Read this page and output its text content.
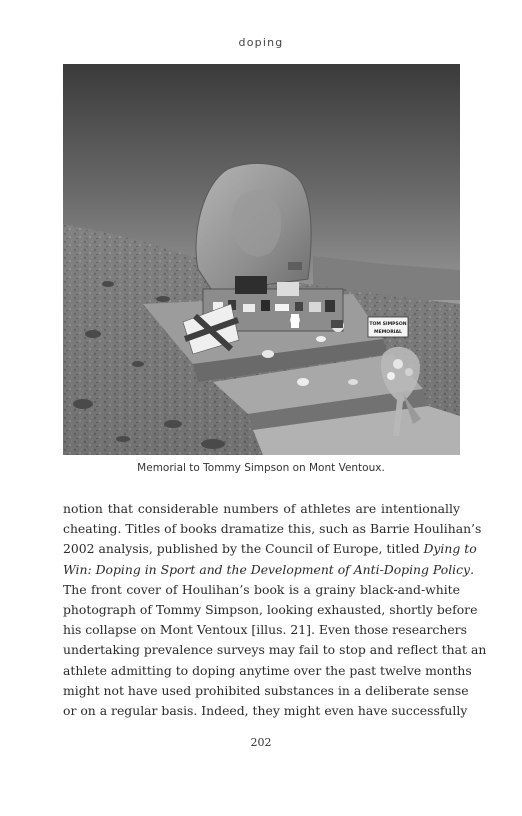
doping
TOM SIMPSON
MEMORIAL
Memorial to Tommy Simpson on Mont Ventoux.
notion that considerable numbers of athletes are intentionally
cheating. Titles of books dramatize this, such as Barrie Houlihan’s
2002 analysis, published by the Council of Europe, titled Dying to
Win: Doping in Sport and the Development of Anti-Doping Policy.
The front cover of Houlihan’s book is a grainy black-and-white
photograph of Tommy Simpson, looking exhausted, shortly before
his collapse on Mont Ventoux [illus. 21]. Even those researchers
undertaking prevalence surveys may fail to stop and reflect that an
athlete admitting to doping anytime over the past twelve months
might not have used prohibited substances in a deliberate sense
or on a regular basis. Indeed, they might even have successfully
202
